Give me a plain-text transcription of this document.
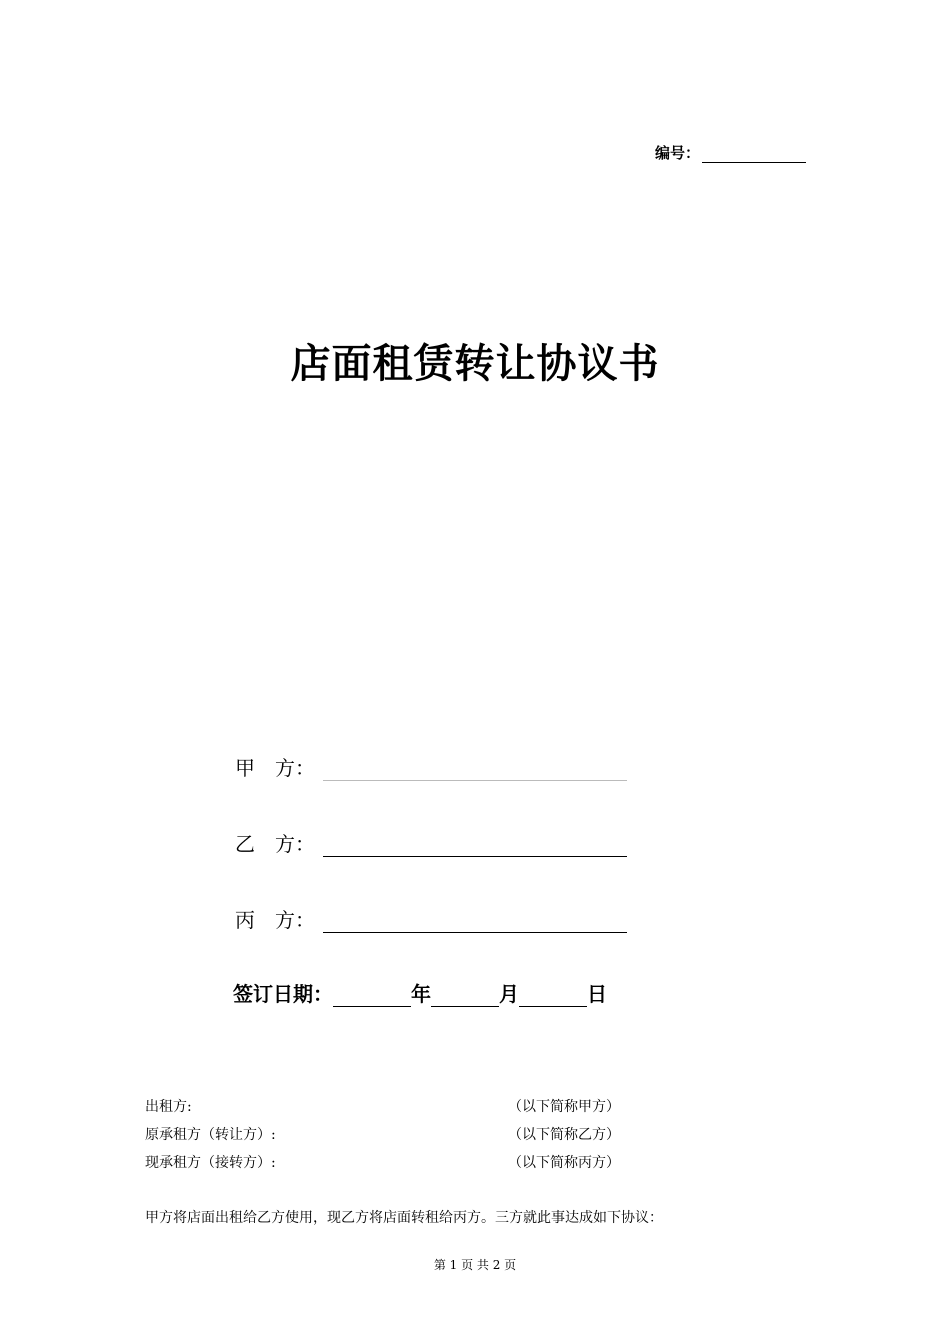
编号：
店面租赁转让协议书
甲　方：
乙　方：
丙　方：
签订日期：	年	月	日
出租方:	（以下简称甲方）
原承租方（转让方）:	（以下简称乙方）
现承租方（接转方）:	（以下简称丙方）
甲方将店面出租给乙方使用，现乙方将店面转租给丙方。三方就此事达成如下协议：
第 1 页 共 2 页
